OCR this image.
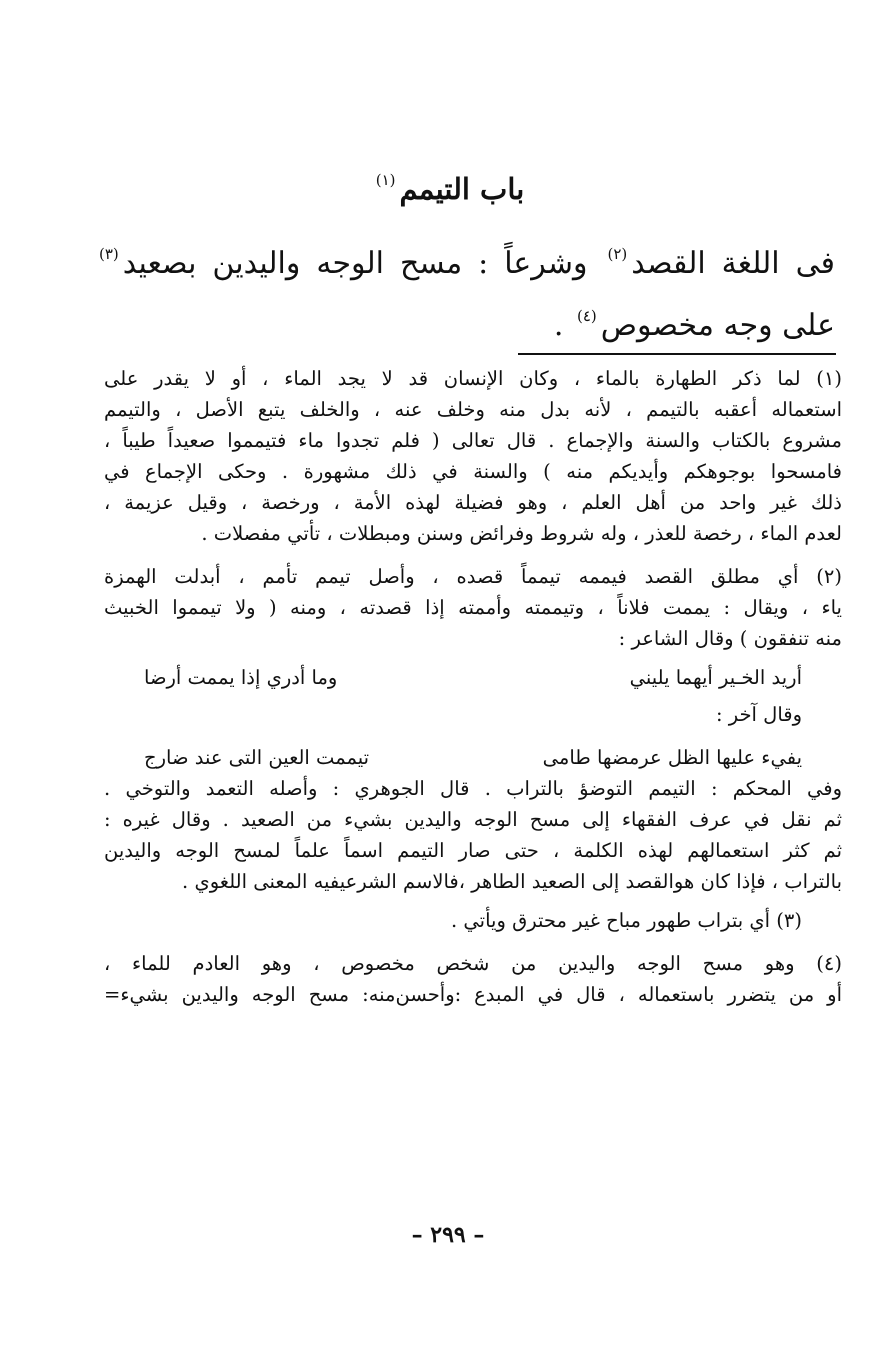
باب التيمم$^{(١)}$
فى اللغة القصد$^{(٢)}$ وشرعاً : مسح الوجه واليدين بصعيد$^{(٣)}$
على وجه مخصوص$^{(٤)}$ .
(١) لما ذكر الطهارة بالماء ، وكان الإنسان قد لا يجد الماء ، أو لا يقدر على
استعماله أعقبه بالتيمم ، لأنه بدل منه وخلف عنه ، والخلف يتبع الأصل ، والتيمم
مشروع بالكتاب والسنة والإجماع . قال تعالى ( فلم تجدوا ماء فتيمموا صعيداً طيباً ،
فامسحوا بوجوهكم وأيديكم منه ) والسنة في ذلك مشهورة . وحكى الإجماع في
ذلك غير واحد من أهل العلم ، وهو فضيلة لهذه الأمة ، ورخصة ، وقيل عزيمة ،
لعدم الماء ، رخصة للعذر ، وله شروط وفرائض وسنن ومبطلات ، تأتي مفصلات .
(٢) أي مطلق القصد فيممه تيمماً قصده ، وأصل تيمم تأمم ، أبدلت الهمزة
ياء ، ويقال : يممت فلاناً ، وتيممته وأممته إذا قصدته ، ومنه ( ولا تيمموا الخبيث
منه تنفقون ) وقال الشاعر :
وما أدري إذا يممت أرضا	أريد الخـير أيهما يليني
وقال آخر :
تيممت العين التى عند ضارج	يفيء عليها الظل عرمضها طامى
وفي المحكم : التيمم التوضؤ بالتراب . قال الجوهري : وأصله التعمد والتوخي .
ثم نقل في عرف الفقهاء إلى مسح الوجه واليدين بشيء من الصعيد . وقال غيره :
ثم كثر استعمالهم لهذه الكلمة ، حتى صار التيمم اسماً علماً لمسح الوجه واليدين
بالتراب ، فإذا كان هوالقصد إلى الصعيد الطاهر ،فالاسم الشرعيفيه المعنى اللغوي .
(٣) أي بتراب طهور مباح غير محترق ويأتي .
(٤) وهو مسح الوجه واليدين من شخص مخصوص ، وهو العادم للماء ،
أو من يتضرر باستعماله ، قال في المبدع :وأحسن‌منه: مسح الوجه واليدين بشيء=
– ٢٩٩ –
